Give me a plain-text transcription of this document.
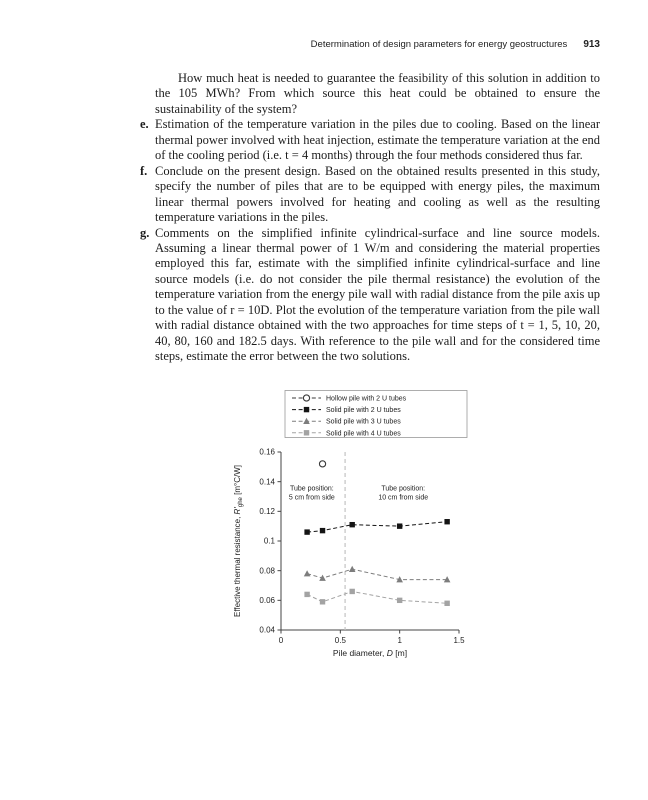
Determination of design parameters for energy geostructures 913

How much heat is needed to guarantee the feasibility of this solution in addition to the 105 MWh? From which source this heat could be obtained to ensure the sustainability of the system?

e. Estimation of the temperature variation in the piles due to cooling. Based on the linear thermal power involved with heat injection, estimate the temperature variation at the end of the cooling period (i.e. t = 4 months) through the four methods considered thus far.

f. Conclude on the present design. Based on the obtained results presented in this study, specify the number of piles that are to be equipped with energy piles, the maximum linear thermal powers involved for heating and cooling as well as the resulting temperature variations in the piles.

g. Comments on the simplified infinite cylindrical-surface and line source models. Assuming a linear thermal power of 1 W/m and considering the material properties employed this far, estimate with the simplified infinite cylindrical-surface and line source models (i.e. do not consider the pile thermal resistance) the evolution of the temperature variation from the energy pile wall with radial distance from the pile axis up to the value of r = 10D. Plot the evolution of the temperature variation from the pile wall with radial distance obtained with the two approaches for time steps of t = 1, 5, 10, 20, 40, 80, 160 and 182.5 days. With reference to the pile wall and for the considered time steps, estimate the error between the two solutions.

0.04
0.06
0.08
0.1
0.12
0.14
0.16
0	0.5	1	1.5
Tube position:
5 cm from side
Tube position:
10 cm from side
Hollow pile with 2 U tubes
Solid pile with 2 U tubes
Solid pile with 3 U tubes
Solid pile with 4 U tubes
Pile diameter, D [m]
Effective thermal resistance, $R'_{ghe}$ [m°C/W]
